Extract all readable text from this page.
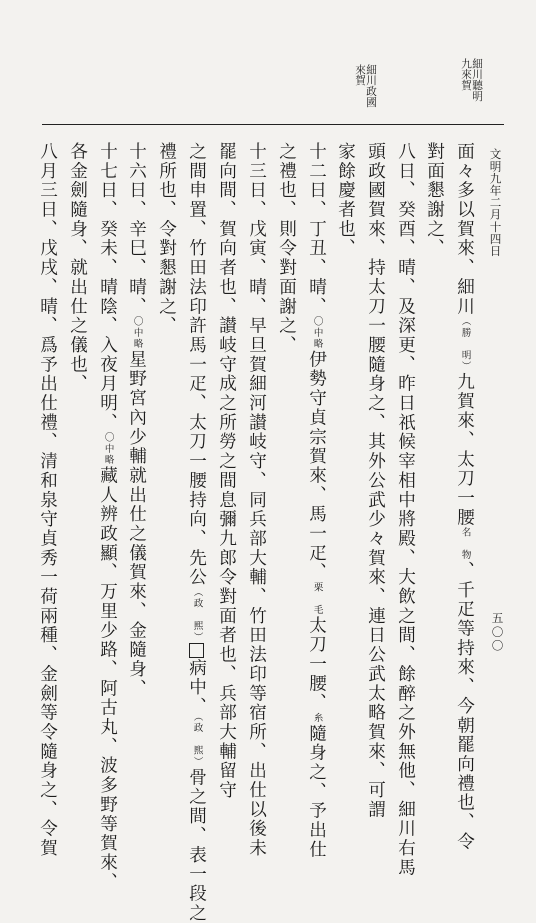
文明九年二月十四日
細川聽明
九來賀
細川政國
來賀
面々多以賀來、細川（勝　明）九賀來、太刀一腰名　物、千疋等持來、今朝罷向禮也、令
對面懇謝之、
八日、癸酉、晴、及深更、昨日祇候宰相中將殿、大飲之間、餘醉之外無他、細川右馬
頭政國賀來、持太刀一腰隨身之、其外公武少々賀來、連日公武太略賀來、可謂
家餘慶者也、
十二日、丁丑、晴、〇中略伊勢守貞宗賀來、馬一疋、栗　毛太刀一腰、糸隨身之、予出仕
之禮也、則令對面謝之、
十三日、戊寅、晴、早旦賀細河讃岐守、同兵部大輔、竹田法印等宿所、出仕以後未
罷向間、賀向者也、讃岐守成之所勞之間息彌九郎令對面者也、兵部大輔留守
之間申置、竹田法印許馬一疋、太刀一腰持向、先公（政　熙）病中、（政　熙）骨之間、表一段之
禮所也、令對懇謝之、
十六日、辛巳、晴、〇中略星野宮內少輔就出仕之儀賀來、金隨身、
十七日、癸未、晴陰、入夜月明、〇中略藏人辨政顯、万里少路、阿古丸、波多野等賀來、
各金劍隨身、就出仕之儀也、
八月三日、戊戌、晴、爲予出仕禮、清和泉守貞秀一荷兩種、金劍等令隨身之、令賀	五〇〇
